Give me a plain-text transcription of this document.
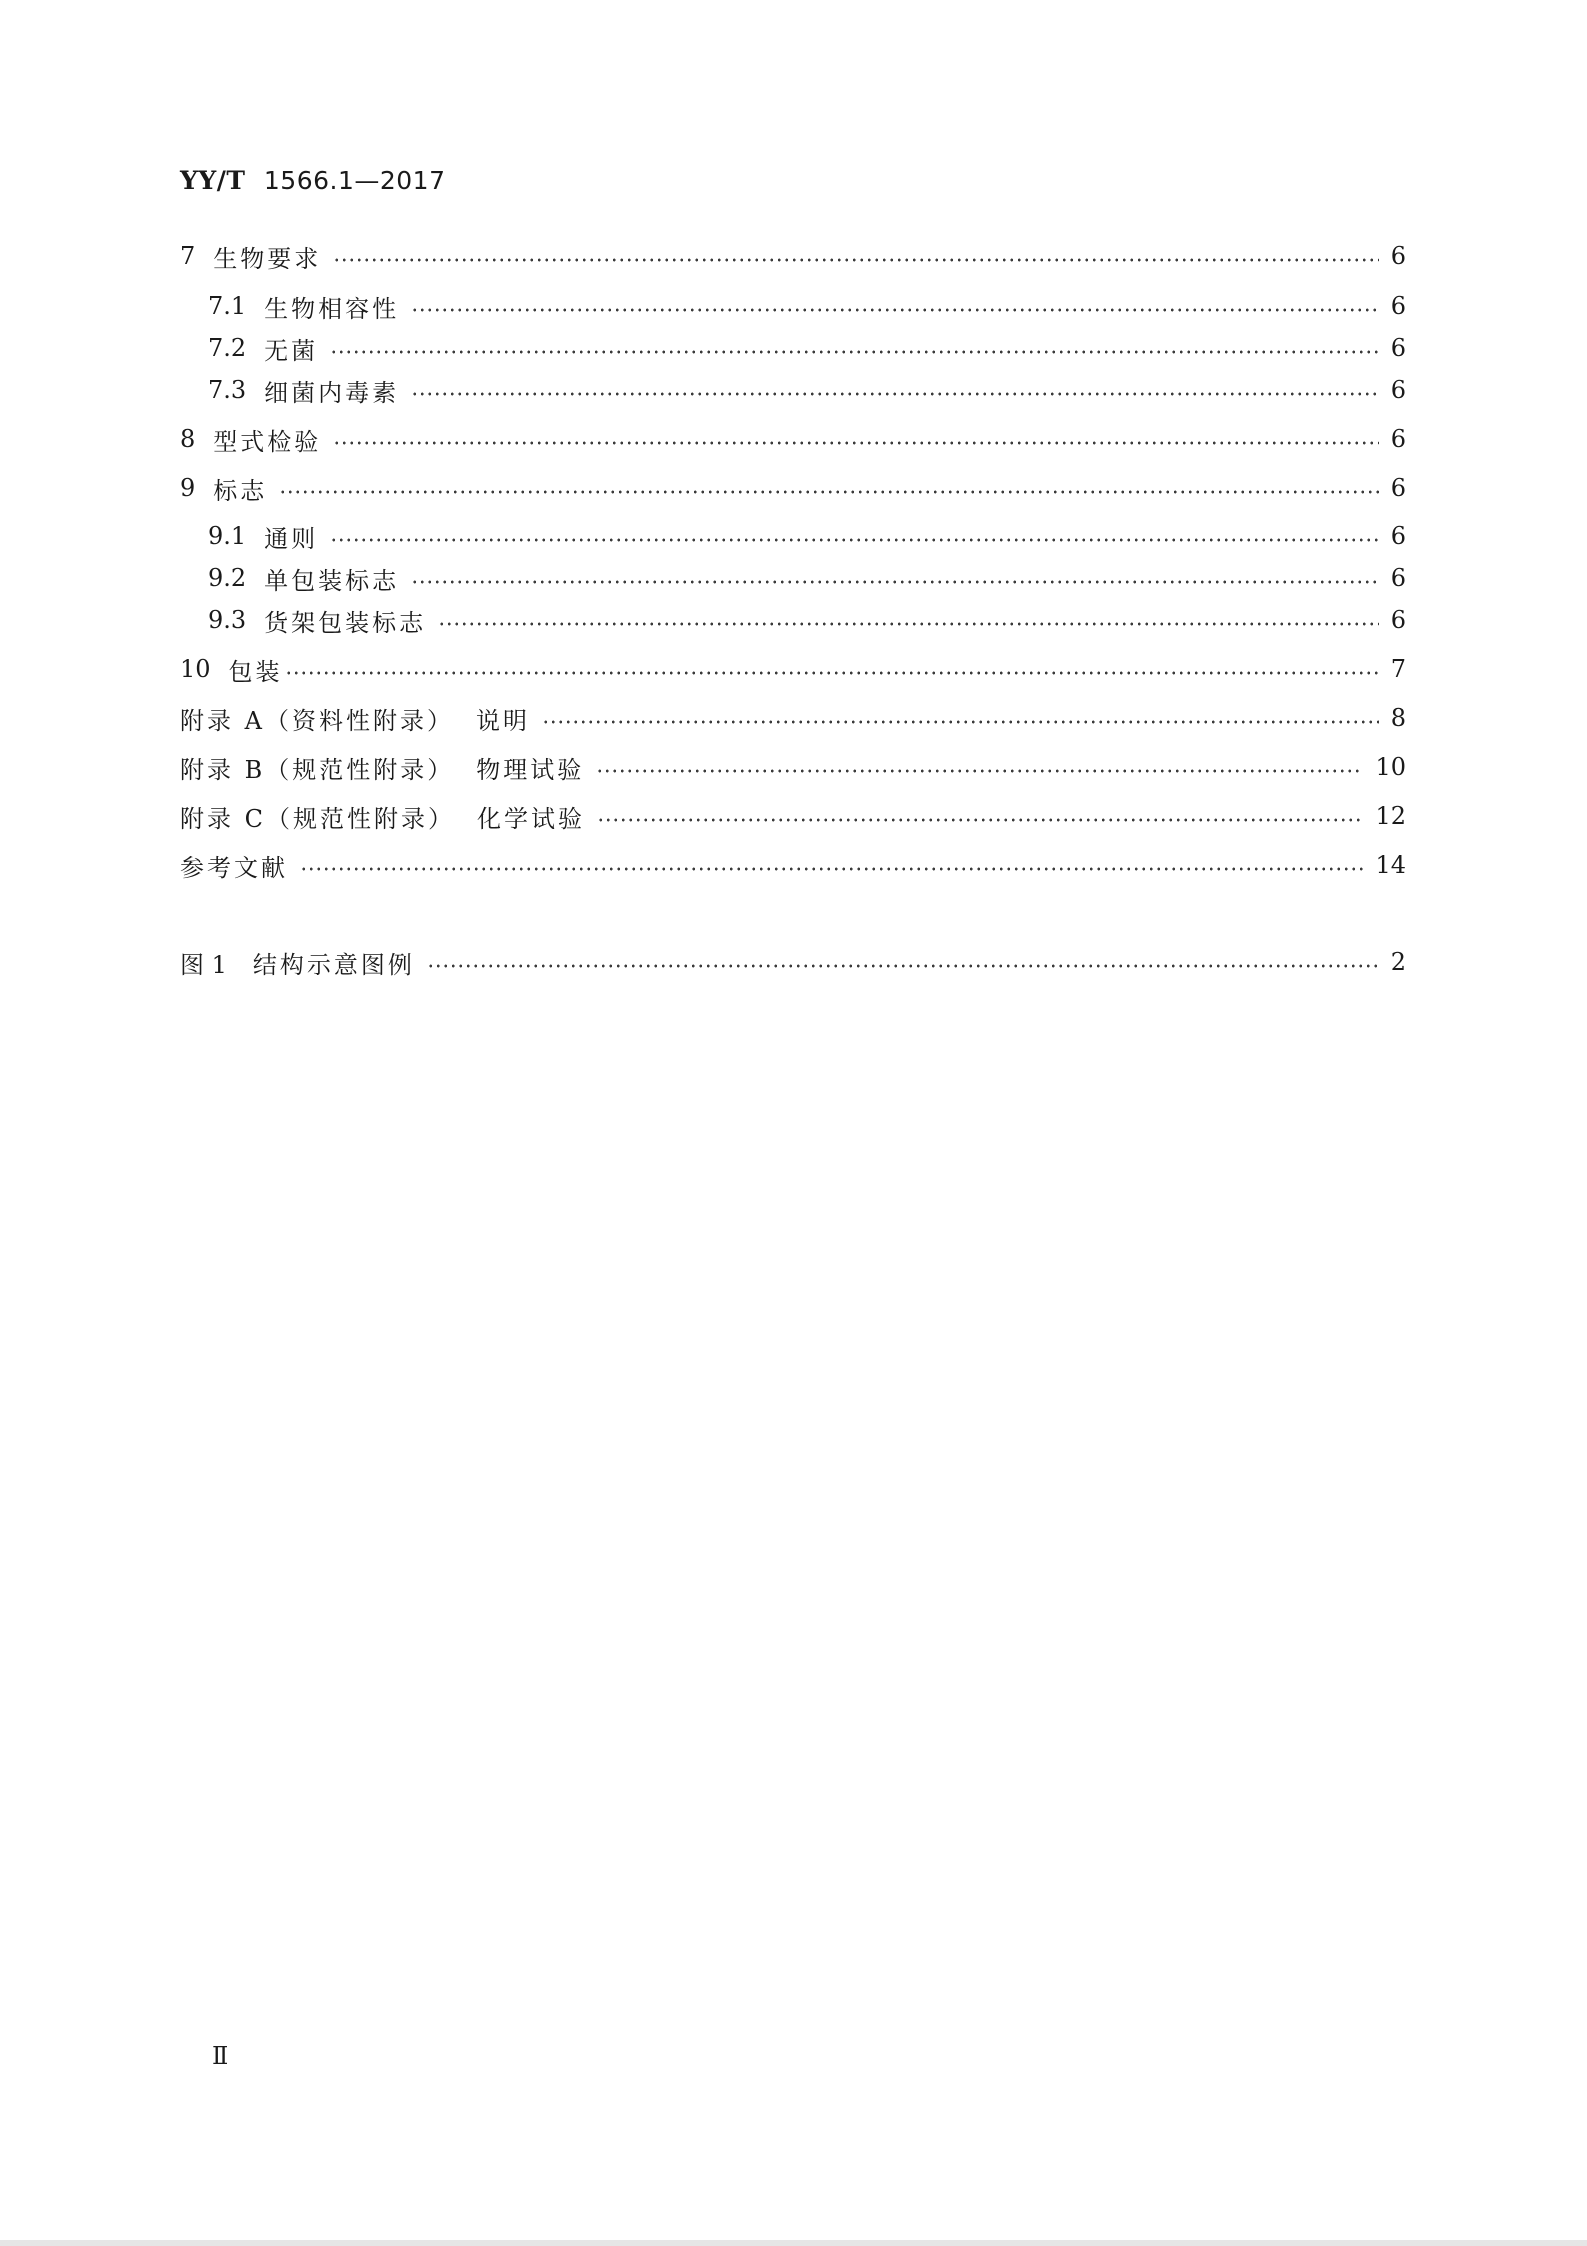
YY/T 1566.1—2017
7 生物要求	6
7.1 生物相容性	6
7.2 无菌	6
7.3 细菌内毒素	6
8 型式检验	6
9 标志	6
9.1 通则	6
9.2 单包装标志	6
9.3 货架包装标志	6
10 包装	7
附录 A（资料性附录） 说明	8
附录 B（规范性附录） 物理试验	10
附录 C（规范性附录） 化学试验	12
参考文献	14
图 1 结构示意图例	2
Ⅱ
